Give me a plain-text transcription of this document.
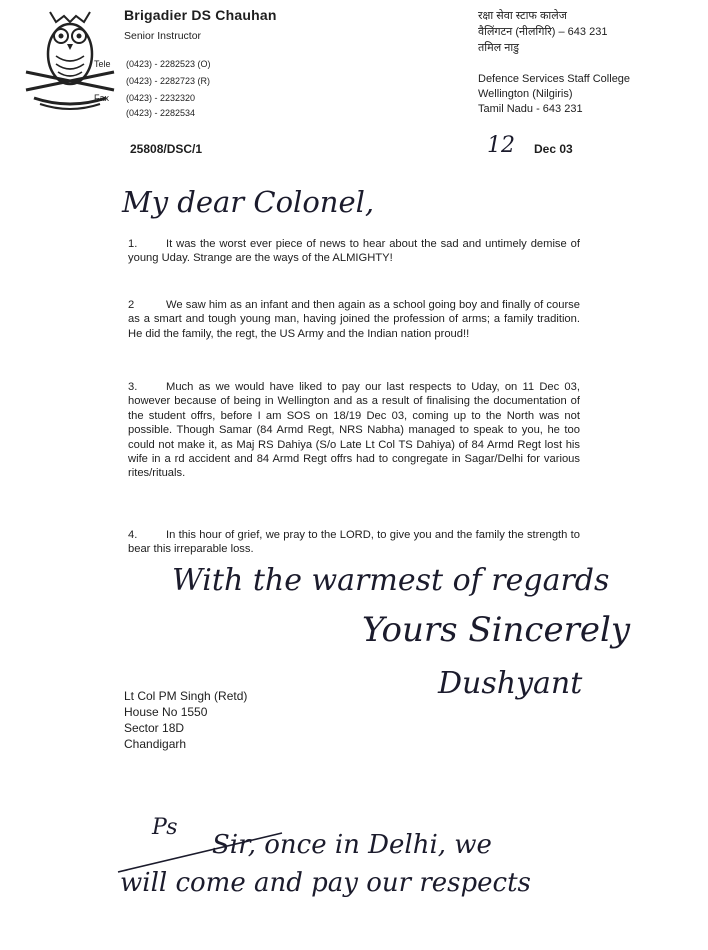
Brigadier DS Chauhan
Senior Instructor
Tele (0423) - 2282523 (O)
(0423) - 2282723 (R)
Fax (0423) - 2232320
(0423) - 2282534
रक्षा सेवा स्टाफ कालेज
वैलिंगटन (नीलगिरि) – 643 231
तमिल नाडु
Defence Services Staff College
Wellington (Nilgiris)
Tamil Nadu - 643 231
25808/DSC/1	12 Dec 03
My dear Colonel,
1.	It was the worst ever piece of news to hear about the sad and untimely demise of young Uday. Strange are the ways of the ALMIGHTY!
2	We saw him as an infant and then again as a school going boy and finally of course as a smart and tough young man, having joined the profession of arms; a family tradition. He did the family, the regt, the US Army and the Indian nation proud!!
3.	Much as we would have liked to pay our last respects to Uday, on 11 Dec 03, however because of being in Wellington and as a result of finalising the documentation of the student offrs, before I am SOS on 18/19 Dec 03, coming up to the North was not possible. Though Samar (84 Armd Regt, NRS Nabha) managed to speak to you, he too could not make it, as Maj RS Dahiya (S/o Late Lt Col TS Dahiya) of 84 Armd Regt lost his wife in a rd accident and 84 Armd Regt offrs had to congregate in Sagar/Delhi for various rites/rituals.
4.	In this hour of grief, we pray to the LORD, to give you and the family the strength to bear this irreparable loss.
With the warmest of regards
Yours Sincerely
Dushyant
Lt Col PM Singh (Retd)
House No 1550
Sector 18D
Chandigarh
Ps
Sir, once in Delhi, we
will come and pay our respects
